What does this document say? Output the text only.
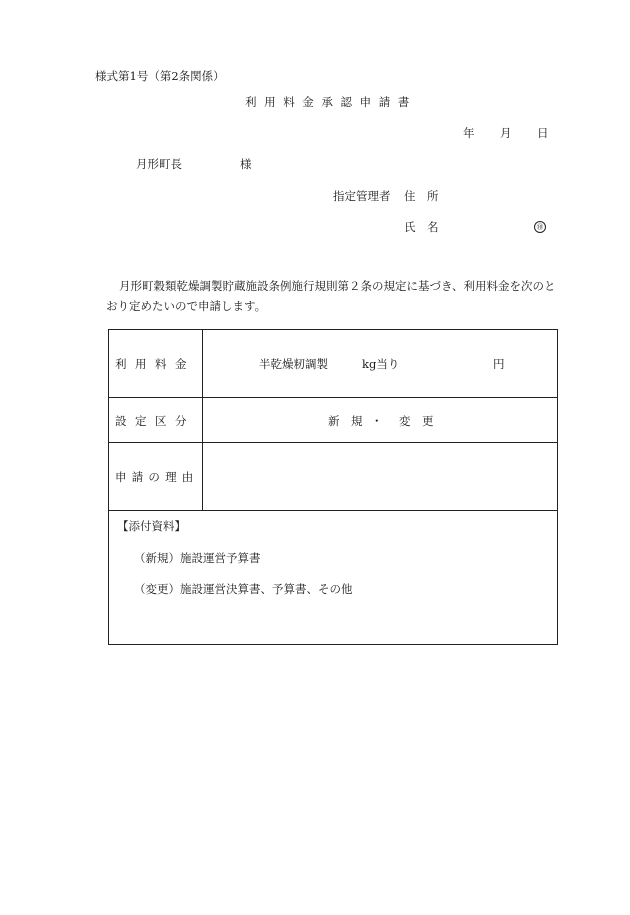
様式第1号（第2条関係）
利用料金承認申請書
年 月 日
月形町長	様
指定管理者 住　所
氏　名	㊞
月形町穀類乾燥調製貯蔵施設条例施行規則第２条の規定に基づき、利用料金を次のと
おり定めたいので申請します。
利用料金	半乾燥籾調製	kg当り	円
設定区分	新　規 ・ 変　更
申請の理由
【添付資料】
（新規）施設運営予算書
（変更）施設運営決算書、予算書、その他
